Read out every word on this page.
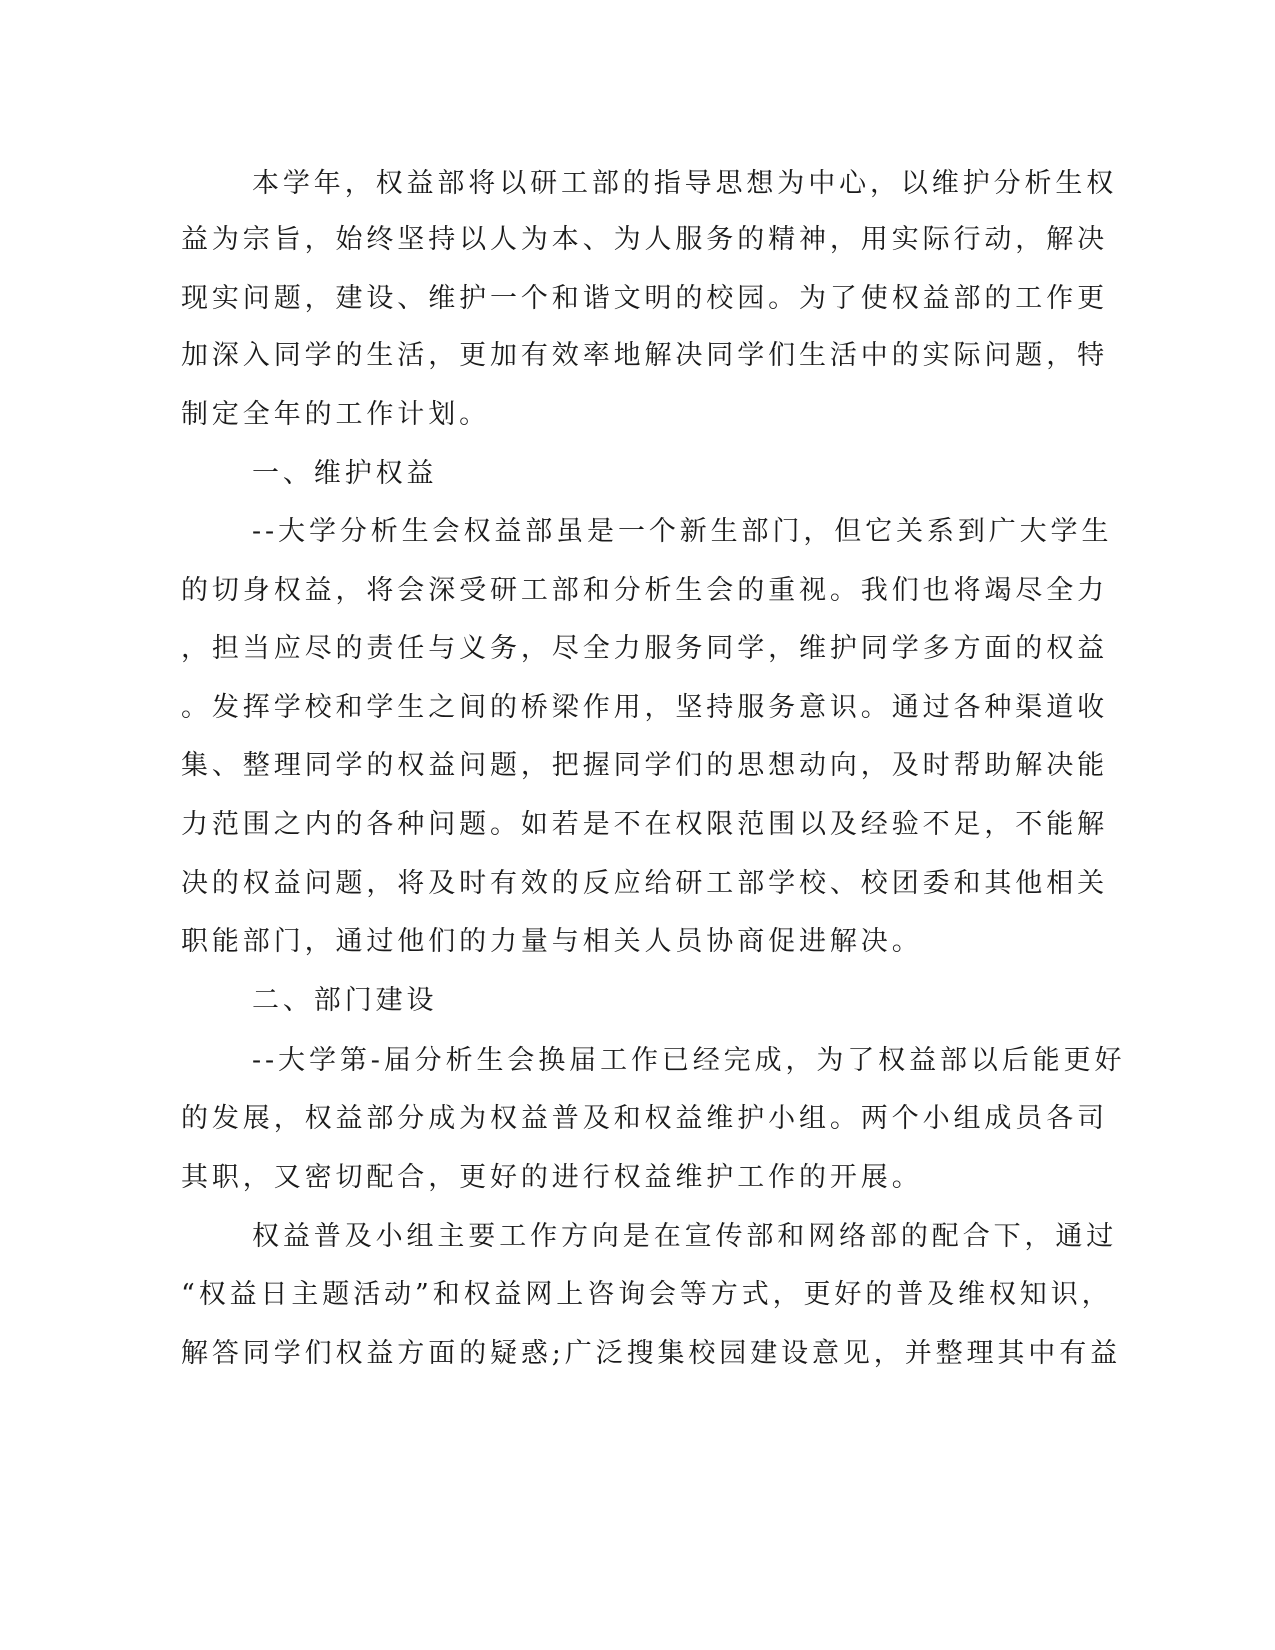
本学年，权益部将以研工部的指导思想为中心，以维护分析生权
益为宗旨，始终坚持以人为本、为人服务的精神，用实际行动，解决
现实问题，建设、维护一个和谐文明的校园。为了使权益部的工作更
加深入同学的生活，更加有效率地解决同学们生活中的实际问题，特
制定全年的工作计划。
一、维护权益
--大学分析生会权益部虽是一个新生部门，但它关系到广大学生
的切身权益，将会深受研工部和分析生会的重视。我们也将竭尽全力
，担当应尽的责任与义务，尽全力服务同学，维护同学多方面的权益
。发挥学校和学生之间的桥梁作用，坚持服务意识。通过各种渠道收
集、整理同学的权益问题，把握同学们的思想动向，及时帮助解决能
力范围之内的各种问题。如若是不在权限范围以及经验不足，不能解
决的权益问题，将及时有效的反应给研工部学校、校团委和其他相关
职能部门，通过他们的力量与相关人员协商促进解决。
二、部门建设
--大学第-届分析生会换届工作已经完成，为了权益部以后能更好
的发展，权益部分成为权益普及和权益维护小组。两个小组成员各司
其职，又密切配合，更好的进行权益维护工作的开展。
权益普及小组主要工作方向是在宣传部和网络部的配合下，通过
“权益日主题活动”和权益网上咨询会等方式，更好的普及维权知识，
解答同学们权益方面的疑惑;广泛搜集校园建设意见，并整理其中有益
